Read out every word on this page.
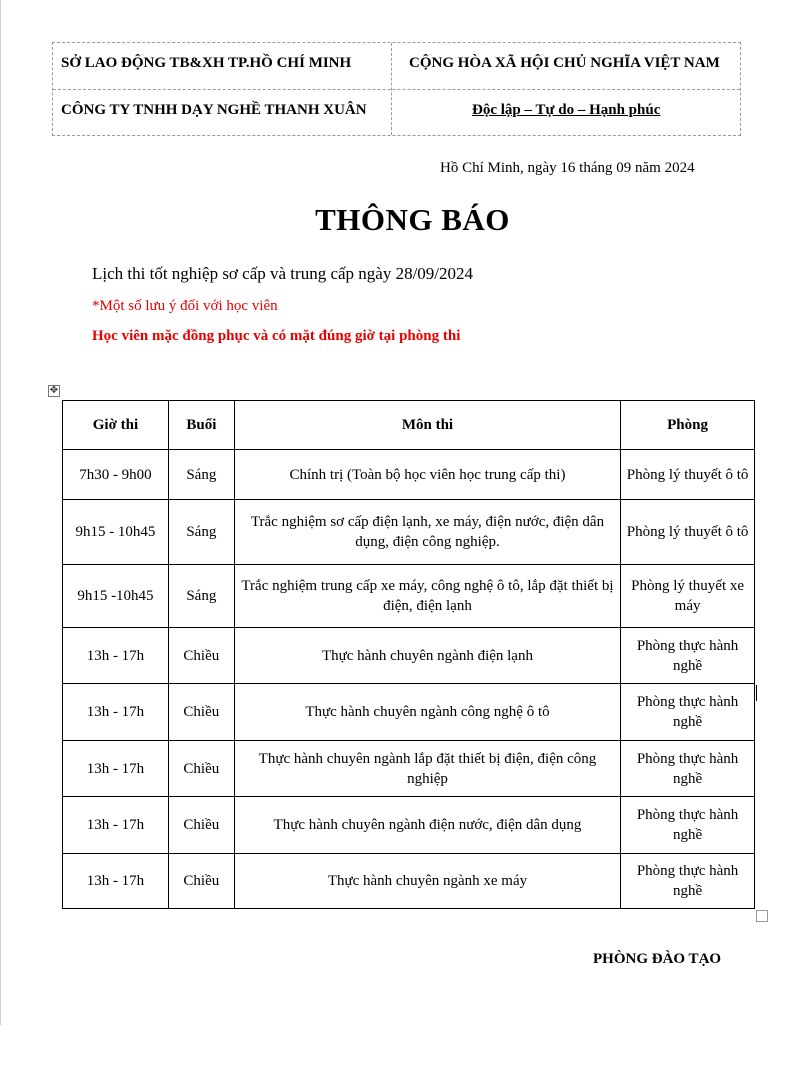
SỞ LAO ĐỘNG TB&XH TP.HỒ CHÍ MINH
CÔNG TY TNHH DẠY NGHỀ THANH XUÂN
CỘNG HÒA XÃ HỘI CHỦ NGHĨA VIỆT NAM
Độc lập – Tự do – Hạnh phúc
Hồ Chí Minh, ngày 16 tháng 09 năm 2024
THÔNG BÁO
Lịch thi tốt nghiệp sơ cấp và trung cấp ngày 28/09/2024
*Một số lưu ý đối với học viên
Học viên mặc đồng phục và có mặt đúng giờ tại phòng thi
✥
Giờ thi	Buổi	Môn thi	Phòng
7h30 - 9h00	Sáng	Chính trị (Toàn bộ học viên học trung cấp thi)	Phòng lý thuyết ô tô
9h15 - 10h45	Sáng	Trắc nghiệm sơ cấp điện lạnh, xe máy, điện nước, điện dân dụng, điện công nghiệp.	Phòng lý thuyết ô tô
9h15 -10h45	Sáng	Trắc nghiệm trung cấp xe máy, công nghệ ô tô, lắp đặt thiết bị điện, điện lạnh	Phòng lý thuyết xe máy
13h - 17h	Chiều	Thực hành chuyên ngành điện lạnh	Phòng thực hành nghề
13h - 17h	Chiều	Thực hành chuyên ngành công nghệ ô tô	Phòng thực hành nghề
13h - 17h	Chiều	Thực hành chuyên ngành lắp đặt thiết bị điện, điện công nghiệp	Phòng thực hành nghề
13h - 17h	Chiều	Thực hành chuyên ngành điện nước, điện dân dụng	Phòng thực hành nghề
13h - 17h	Chiều	Thực hành chuyên ngành xe máy	Phòng thực hành nghề
PHÒNG ĐÀO TẠO
